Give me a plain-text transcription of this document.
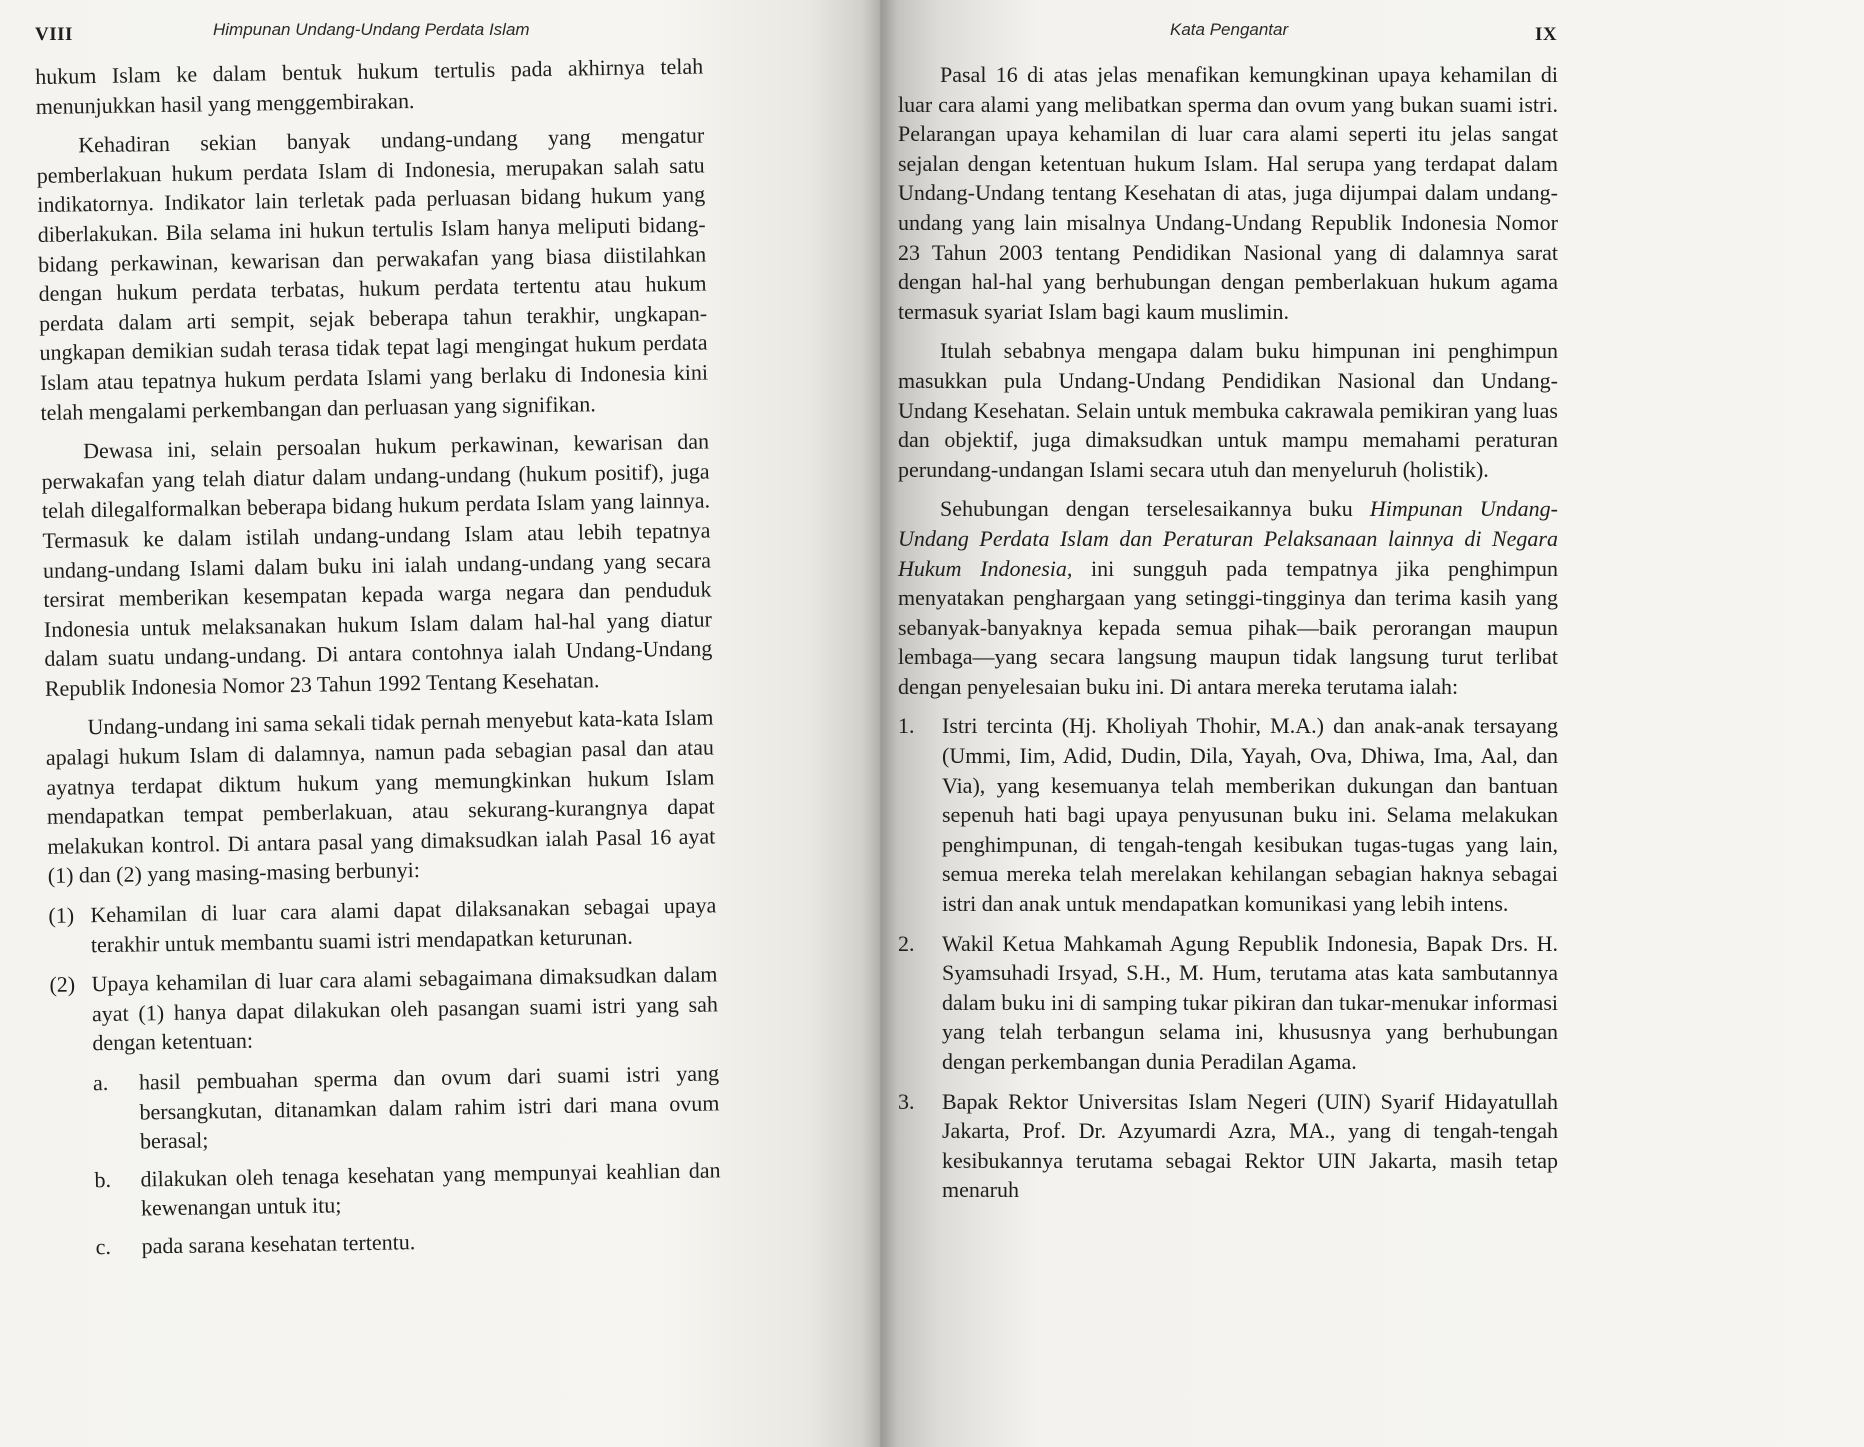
VIII	Himpunan Undang-Undang Perdata Islam

hukum Islam ke dalam bentuk hukum tertulis pada akhirnya telah menunjukkan hasil yang menggembirakan.

Kehadiran sekian banyak undang-undang yang mengatur pemberlakuan hukum perdata Islam di Indonesia, merupakan salah satu indikatornya. Indikator lain terletak pada perluasan bidang hukum yang diberlakukan. Bila selama ini hukun tertulis Islam hanya meliputi bidang-bidang perkawinan, kewarisan dan perwakafan yang biasa diistilahkan dengan hukum perdata terbatas, hukum perdata tertentu atau hukum perdata dalam arti sempit, sejak beberapa tahun terakhir, ungkapan-ungkapan demikian sudah terasa tidak tepat lagi mengingat hukum perdata Islam atau tepatnya hukum perdata Islami yang berlaku di Indonesia kini telah mengalami perkembangan dan perluasan yang signifikan.

Dewasa ini, selain persoalan hukum perkawinan, kewarisan dan perwakafan yang telah diatur dalam undang-undang (hukum positif), juga telah dilegalformalkan beberapa bidang hukum perdata Islam yang lainnya. Termasuk ke dalam istilah undang-undang Islam atau lebih tepatnya undang-undang Islami dalam buku ini ialah undang-undang yang secara tersirat memberikan kesempatan kepada warga negara dan penduduk Indonesia untuk melaksanakan hukum Islam dalam hal-hal yang diatur dalam suatu undang-undang. Di antara contohnya ialah Undang-Undang Republik Indonesia Nomor 23 Tahun 1992 Tentang Kesehatan.

Undang-undang ini sama sekali tidak pernah menyebut kata-kata Islam apalagi hukum Islam di dalamnya, namun pada sebagian pasal dan atau ayatnya terdapat diktum hukum yang memungkinkan hukum Islam mendapatkan tempat pemberlakuan, atau sekurang-kurangnya dapat melakukan kontrol. Di antara pasal yang dimaksudkan ialah Pasal 16 ayat (1) dan (2) yang masing-masing berbunyi:

(1) Kehamilan di luar cara alami dapat dilaksanakan sebagai upaya terakhir untuk membantu suami istri mendapatkan keturunan.
(2) Upaya kehamilan di luar cara alami sebagaimana dimaksudkan dalam ayat (1) hanya dapat dilakukan oleh pasangan suami istri yang sah dengan ketentuan:
a.	hasil pembuahan sperma dan ovum dari suami istri yang bersangkutan, ditanamkan dalam rahim istri dari mana ovum berasal;
b.	dilakukan oleh tenaga kesehatan yang mempunyai keahlian dan kewenangan untuk itu;
c.	pada sarana kesehatan tertentu.

Kata Pengantar	IX

Pasal 16 di atas jelas menafikan kemungkinan upaya kehamilan di luar cara alami yang melibatkan sperma dan ovum yang bukan suami istri. Pelarangan upaya kehamilan di luar cara alami seperti itu jelas sangat sejalan dengan ketentuan hukum Islam. Hal serupa yang terdapat dalam Undang-Undang tentang Kesehatan di atas, juga dijumpai dalam undang-undang yang lain misalnya Undang-Undang Republik Indonesia Nomor 23 Tahun 2003 tentang Pendidikan Nasional yang di dalamnya sarat dengan hal-hal yang berhubungan dengan pemberlakuan hukum agama termasuk syariat Islam bagi kaum muslimin.

Itulah sebabnya mengapa dalam buku himpunan ini penghimpun masukkan pula Undang-Undang Pendidikan Nasional dan Undang-Undang Kesehatan. Selain untuk membuka cakrawala pemikiran yang luas dan objektif, juga dimaksudkan untuk mampu memahami peraturan perundang-undangan Islami secara utuh dan menyeluruh (holistik).

Sehubungan dengan terselesaikannya buku Himpunan Undang-Undang Perdata Islam dan Peraturan Pelaksanaan lainnya di Negara Hukum Indonesia, ini sungguh pada tempatnya jika penghimpun menyatakan penghargaan yang setinggi-tingginya dan terima kasih yang sebanyak-banyaknya kepada semua pihak—baik perorangan maupun lembaga—yang secara langsung maupun tidak langsung turut terlibat dengan penyelesaian buku ini. Di antara mereka terutama ialah:

1.	Istri tercinta (Hj. Kholiyah Thohir, M.A.) dan anak-anak tersayang (Ummi, Iim, Adid, Dudin, Dila, Yayah, Ova, Dhiwa, Ima, Aal, dan Via), yang kesemuanya telah memberikan dukungan dan bantuan sepenuh hati bagi upaya penyusunan buku ini. Selama melakukan penghimpunan, di tengah-tengah kesibukan tugas-tugas yang lain, semua mereka telah merelakan kehilangan sebagian haknya sebagai istri dan anak untuk mendapatkan komunikasi yang lebih intens.
2.	Wakil Ketua Mahkamah Agung Republik Indonesia, Bapak Drs. H. Syamsuhadi Irsyad, S.H., M. Hum, terutama atas kata sambutannya dalam buku ini di samping tukar pikiran dan tukar-menukar informasi yang telah terbangun selama ini, khususnya yang berhubungan dengan perkembangan dunia Peradilan Agama.
3.	Bapak Rektor Universitas Islam Negeri (UIN) Syarif Hidayatullah Jakarta, Prof. Dr. Azyumardi Azra, MA., yang di tengah-tengah kesibukannya terutama sebagai Rektor UIN Jakarta, masih tetap menaruh
